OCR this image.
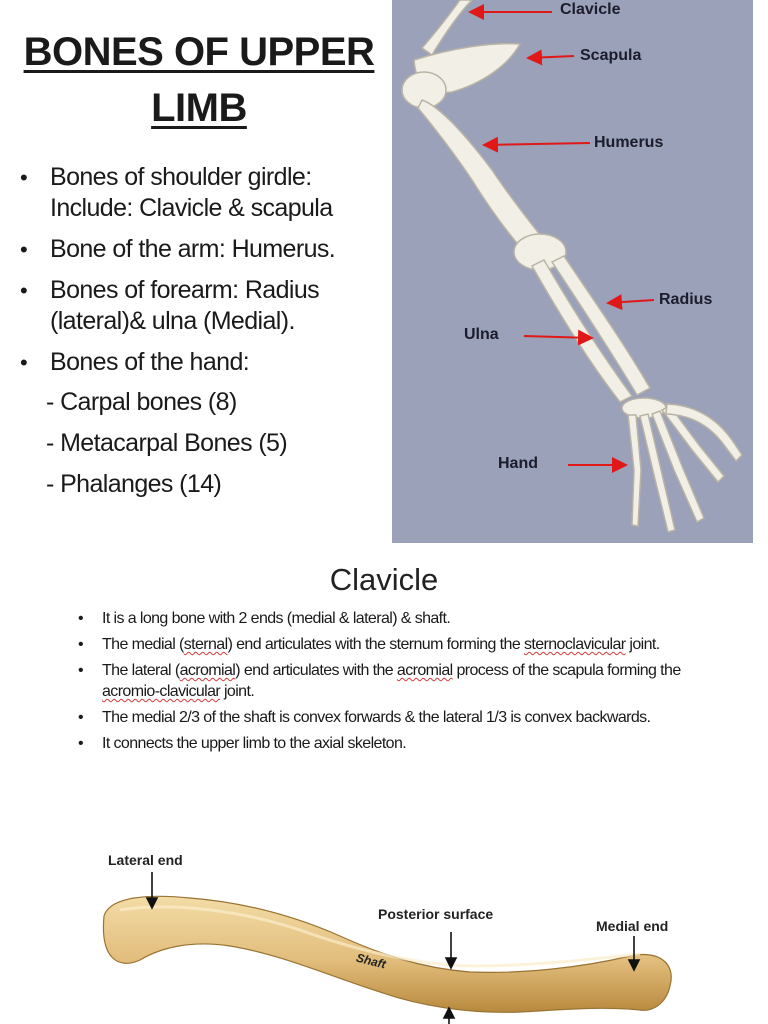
BONES OF UPPER
LIMB
• Bones of shoulder girdle:
Include: Clavicle & scapula
• Bone of the arm: Humerus.
• Bones of forearm: Radius
(lateral)& ulna (Medial).
• Bones of the hand:
- Carpal bones (8)
- Metacarpal Bones (5)
- Phalanges (14)
Clavicle
Scapula
Humerus
Radius
Ulna
Hand
Clavicle
• It is a long bone with 2 ends (medial & lateral) & shaft.
• The medial (sternal) end articulates with the sternum forming the sternoclavicular joint.
• The lateral (acromial) end articulates with the acromial process of the scapula forming the acromio-clavicular joint.
• The medial 2/3 of the shaft is convex forwards & the lateral 1/3 is convex backwards.
• It connects the upper limb to the axial skeleton.
Lateral end
Posterior surface
Medial end
Shaft
